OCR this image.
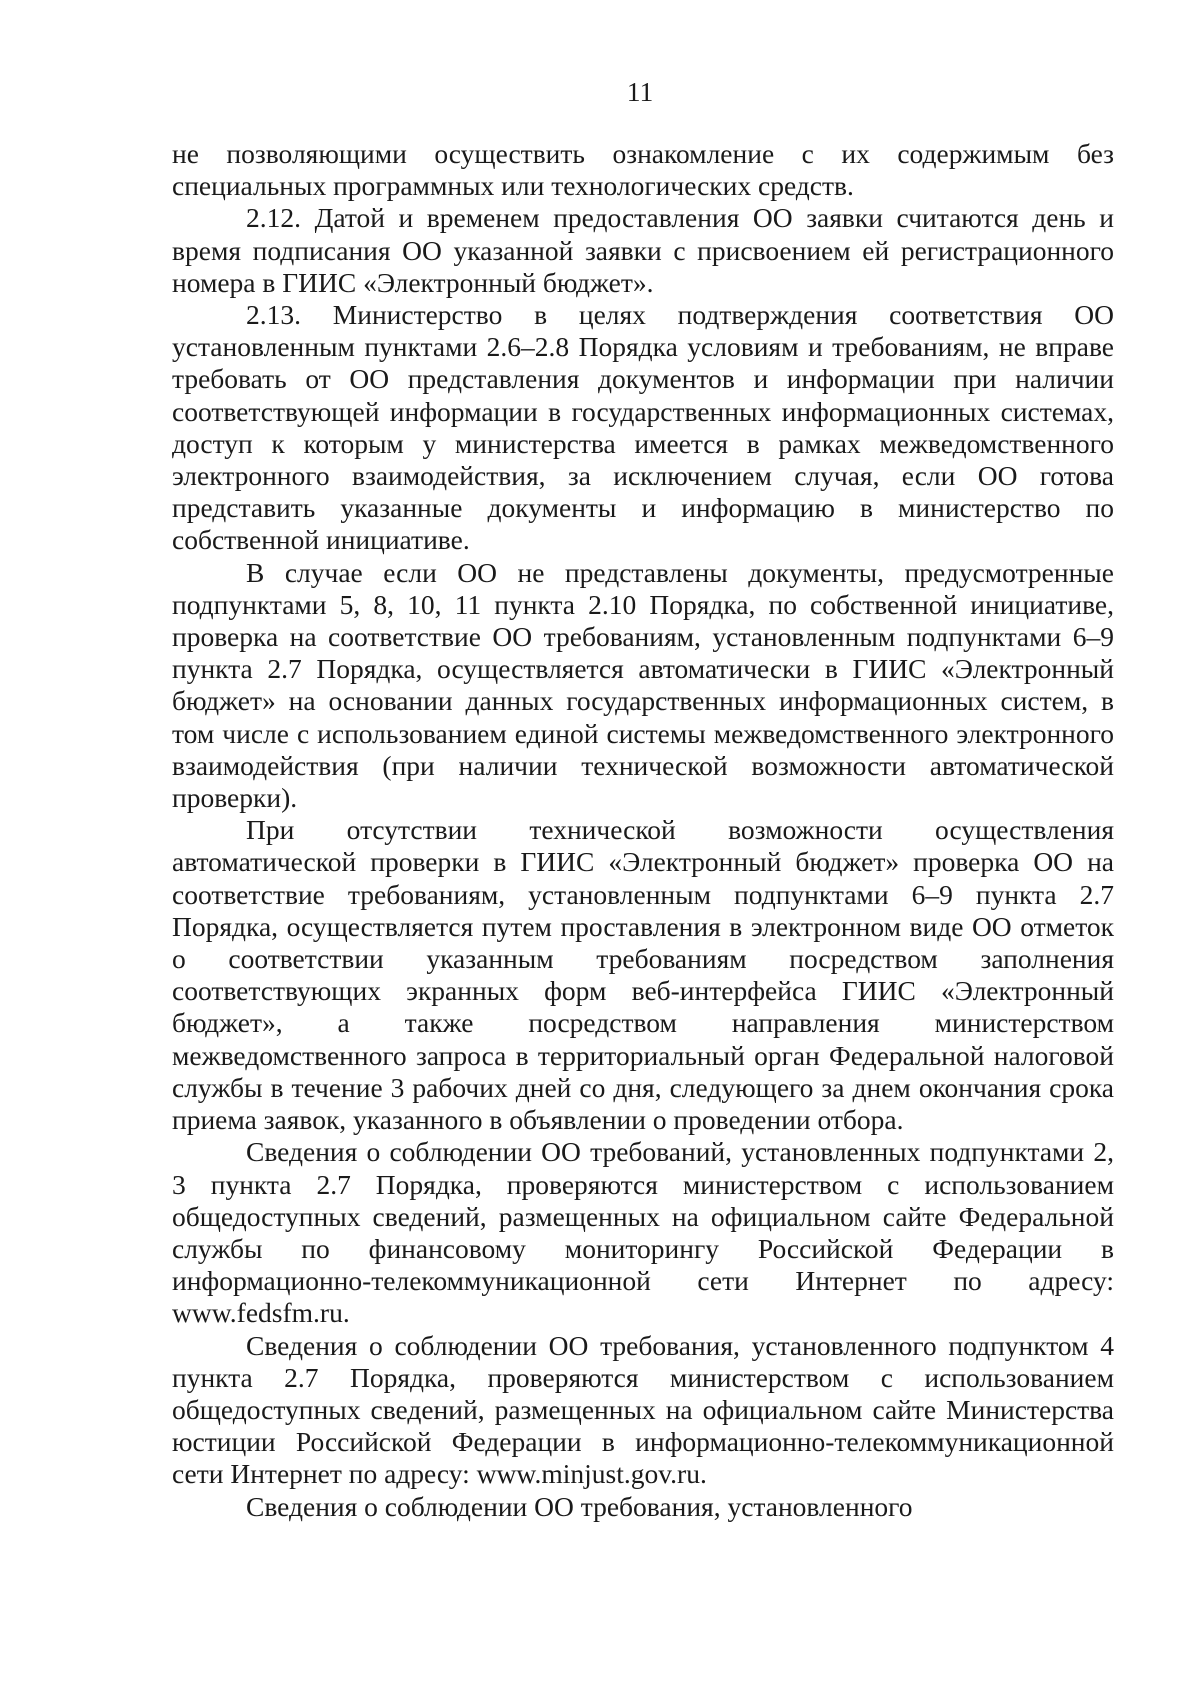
11

не позволяющими осуществить ознакомление с их содержимым без специальных программных или технологических средств.

2.12. Датой и временем предоставления ОО заявки считаются день и время подписания ОО указанной заявки с присвоением ей регистрационного номера в ГИИС «Электронный бюджет».

2.13. Министерство в целях подтверждения соответствия ОО установленным пунктами 2.6–2.8 Порядка условиям и требованиям, не вправе требовать от ОО представления документов и информации при наличии соответствующей информации в государственных информационных системах, доступ к которым у министерства имеется в рамках межведомственного электронного взаимодействия, за исключением случая, если ОО готова представить указанные документы и информацию в министерство по собственной инициативе.

В случае если ОО не представлены документы, предусмотренные подпунктами 5, 8, 10, 11 пункта 2.10 Порядка, по собственной инициативе, проверка на соответствие ОО требованиям, установленным подпунктами 6–9 пункта 2.7 Порядка, осуществляется автоматически в ГИИС «Электронный бюджет» на основании данных государственных информационных систем, в том числе с использованием единой системы межведомственного электронного взаимодействия (при наличии технической возможности автоматической проверки).

При отсутствии технической возможности осуществления автоматической проверки в ГИИС «Электронный бюджет» проверка ОО на соответствие требованиям, установленным подпунктами 6–9 пункта 2.7 Порядка, осуществляется путем проставления в электронном виде ОО отметок о соответствии указанным требованиям посредством заполнения соответствующих экранных форм веб-интерфейса ГИИС «Электронный бюджет», а также посредством направления министерством межведомственного запроса в территориальный орган Федеральной налоговой службы в течение 3 рабочих дней со дня, следующего за днем окончания срока приема заявок, указанного в объявлении о проведении отбора.

Сведения о соблюдении ОО требований, установленных подпунктами 2, 3 пункта 2.7 Порядка, проверяются министерством с использованием общедоступных сведений, размещенных на официальном сайте Федеральной службы по финансовому мониторингу Российской Федерации в информационно-телекоммуникационной сети Интернет по адресу: www.fedsfm.ru.

Сведения о соблюдении ОО требования, установленного подпунктом 4 пункта 2.7 Порядка, проверяются министерством с использованием общедоступных сведений, размещенных на официальном сайте Министерства юстиции Российской Федерации в информационно-телекоммуникационной сети Интернет по адресу: www.minjust.gov.ru.

Сведения о соблюдении ОО требования, установленного
